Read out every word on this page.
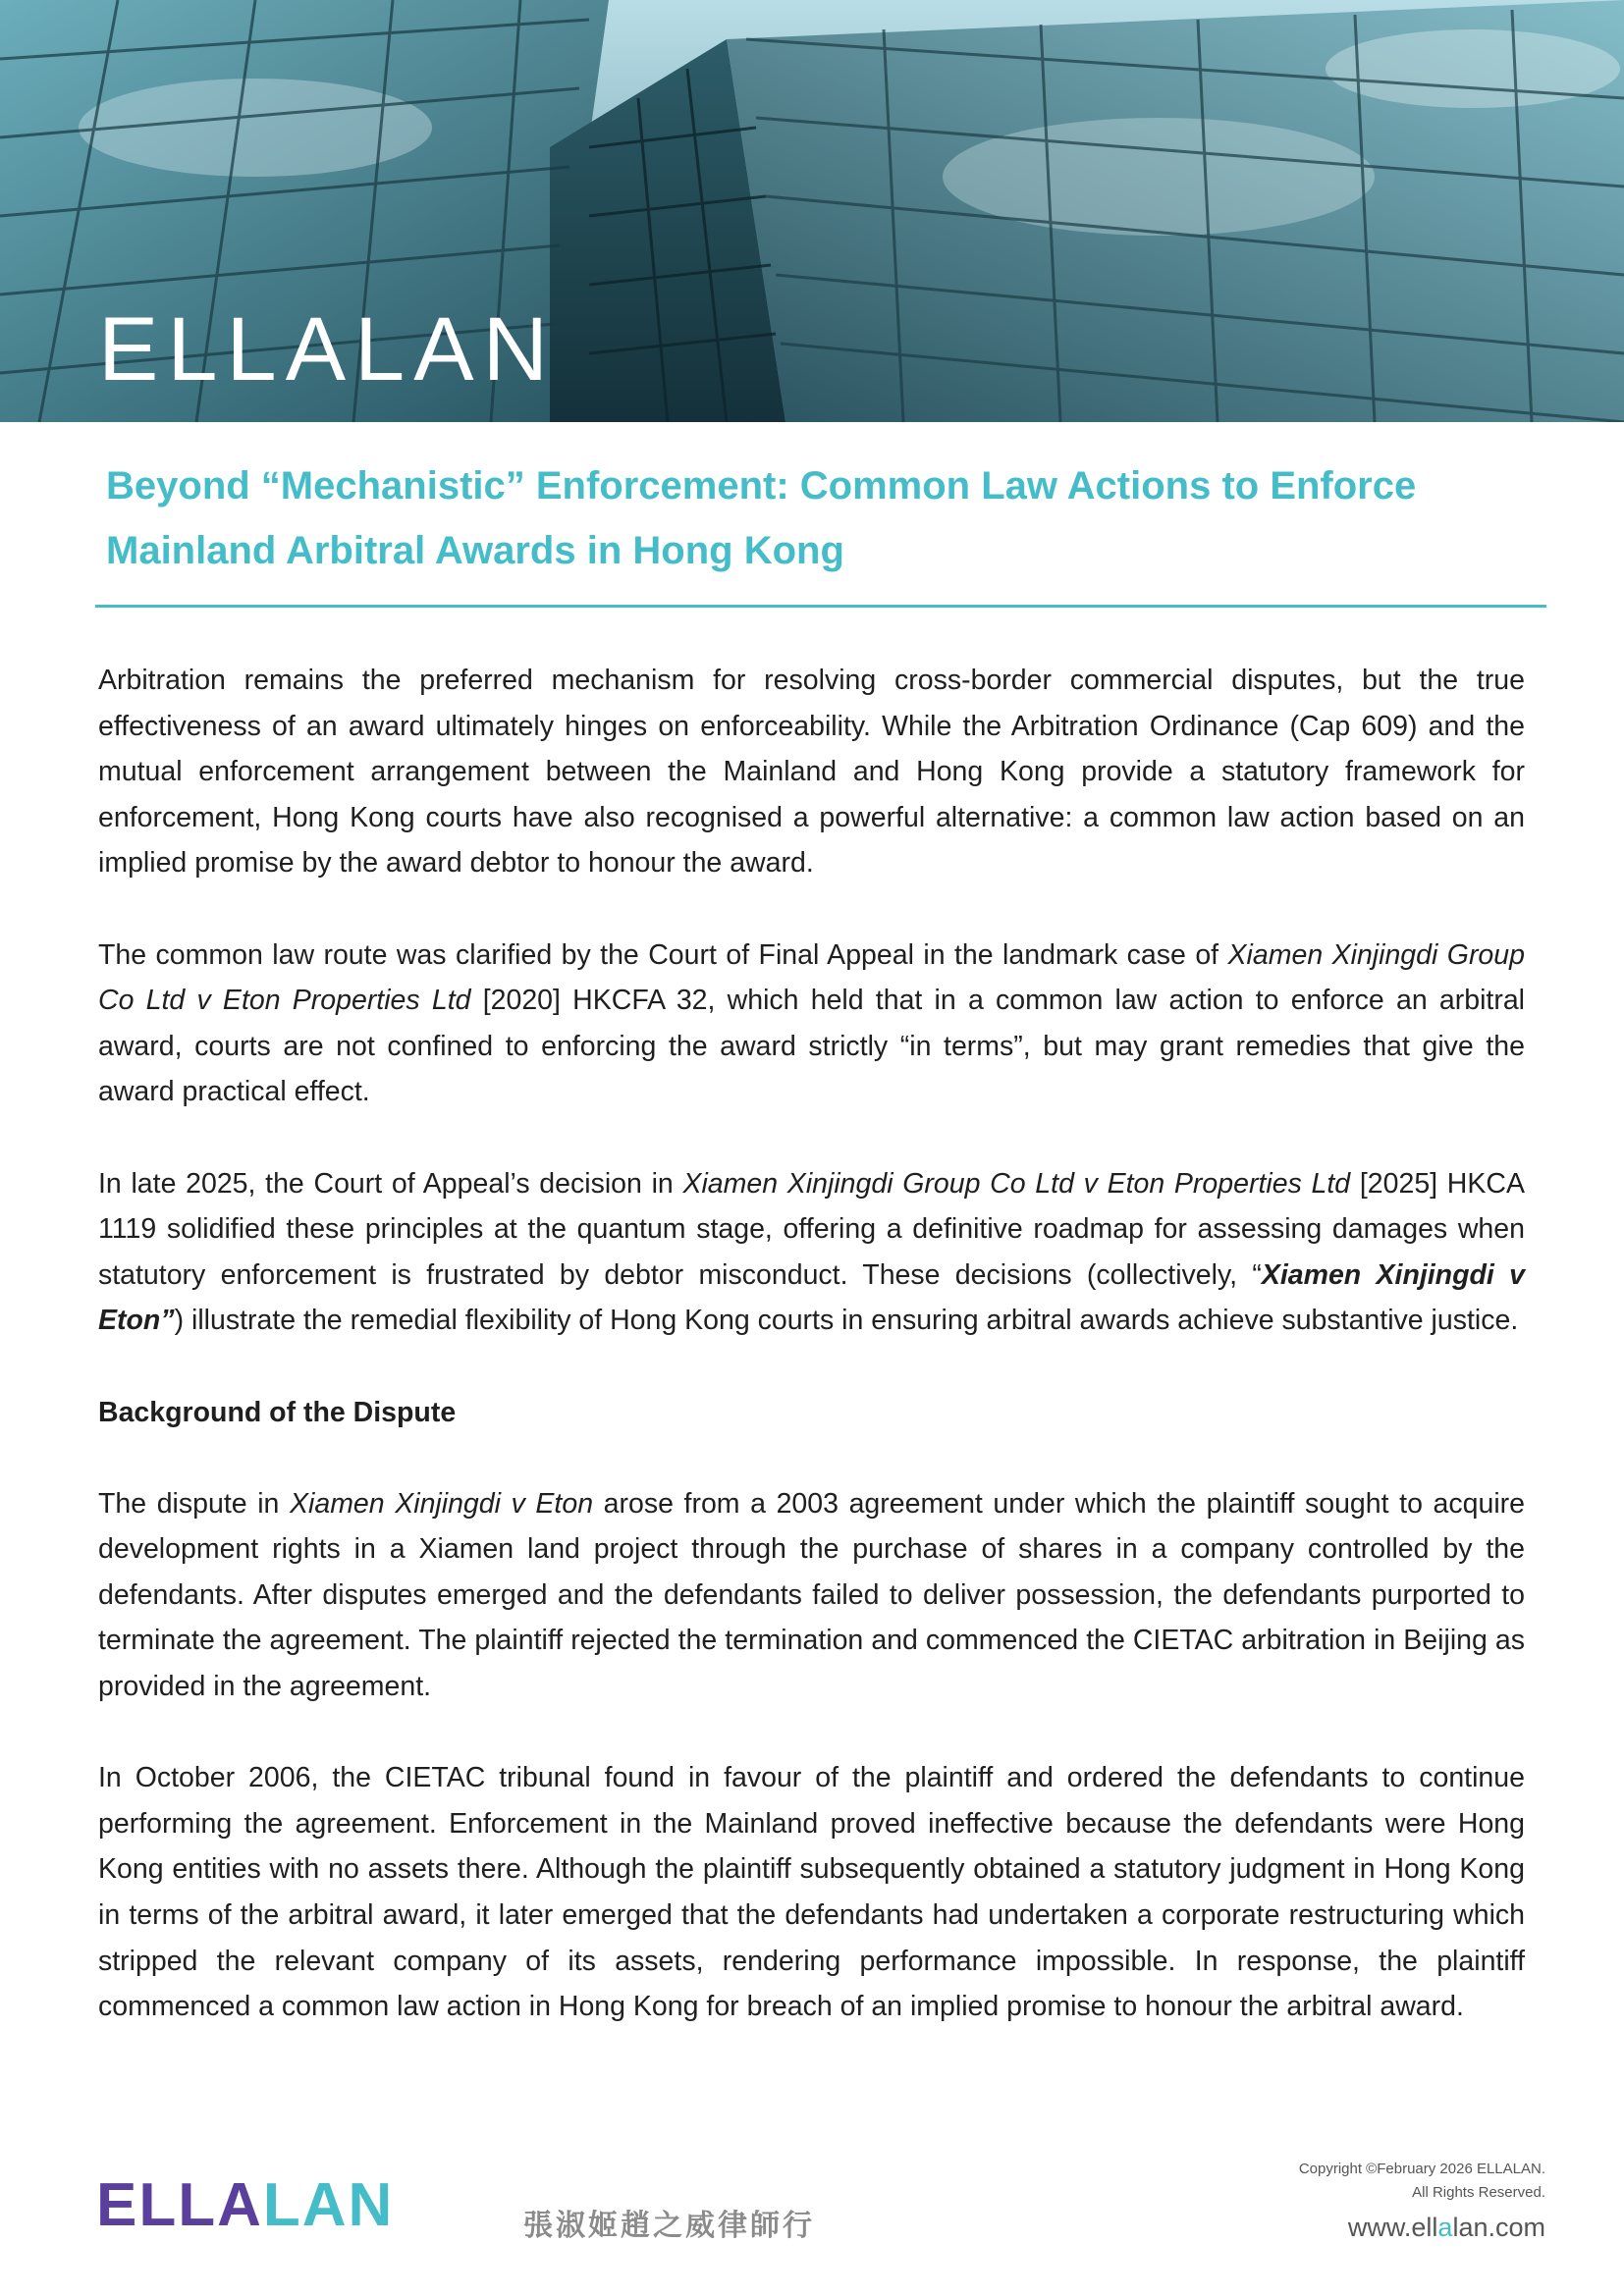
ELLALAN
Beyond “Mechanistic” Enforcement: Common Law Actions to Enforce
Mainland Arbitral Awards in Hong Kong

Arbitration remains the preferred mechanism for resolving cross-border commercial disputes, but the true effectiveness of an award ultimately hinges on enforceability. While the Arbitration Ordinance (Cap 609) and the mutual enforcement arrangement between the Mainland and Hong Kong provide a statutory framework for enforcement, Hong Kong courts have also recognised a powerful alternative: a common law action based on an implied promise by the award debtor to honour the award.

The common law route was clarified by the Court of Final Appeal in the landmark case of Xiamen Xinjingdi Group Co Ltd v Eton Properties Ltd [2020] HKCFA 32, which held that in a common law action to enforce an arbitral award, courts are not confined to enforcing the award strictly “in terms”, but may grant remedies that give the award practical effect.

In late 2025, the Court of Appeal’s decision in Xiamen Xinjingdi Group Co Ltd v Eton Properties Ltd [2025] HKCA 1119 solidified these principles at the quantum stage, offering a definitive roadmap for assessing damages when statutory enforcement is frustrated by debtor misconduct. These decisions (collectively, “Xiamen Xinjingdi v Eton”) illustrate the remedial flexibility of Hong Kong courts in ensuring arbitral awards achieve substantive justice.

Background of the Dispute

The dispute in Xiamen Xinjingdi v Eton arose from a 2003 agreement under which the plaintiff sought to acquire development rights in a Xiamen land project through the purchase of shares in a company controlled by the defendants. After disputes emerged and the defendants failed to deliver possession, the defendants purported to terminate the agreement. The plaintiff rejected the termination and commenced the CIETAC arbitration in Beijing as provided in the agreement.

In October 2006, the CIETAC tribunal found in favour of the plaintiff and ordered the defendants to continue performing the agreement. Enforcement in the Mainland proved ineffective because the defendants were Hong Kong entities with no assets there. Although the plaintiff subsequently obtained a statutory judgment in Hong Kong in terms of the arbitral award, it later emerged that the defendants had undertaken a corporate restructuring which stripped the relevant company of its assets, rendering performance impossible. In response, the plaintiff commenced a common law action in Hong Kong for breach of an implied promise to honour the arbitral award.

ELLALAN	張淑姬趙之威律師行
Copyright ©February 2026 ELLALAN.
All Rights Reserved.
www.ellalan.com
